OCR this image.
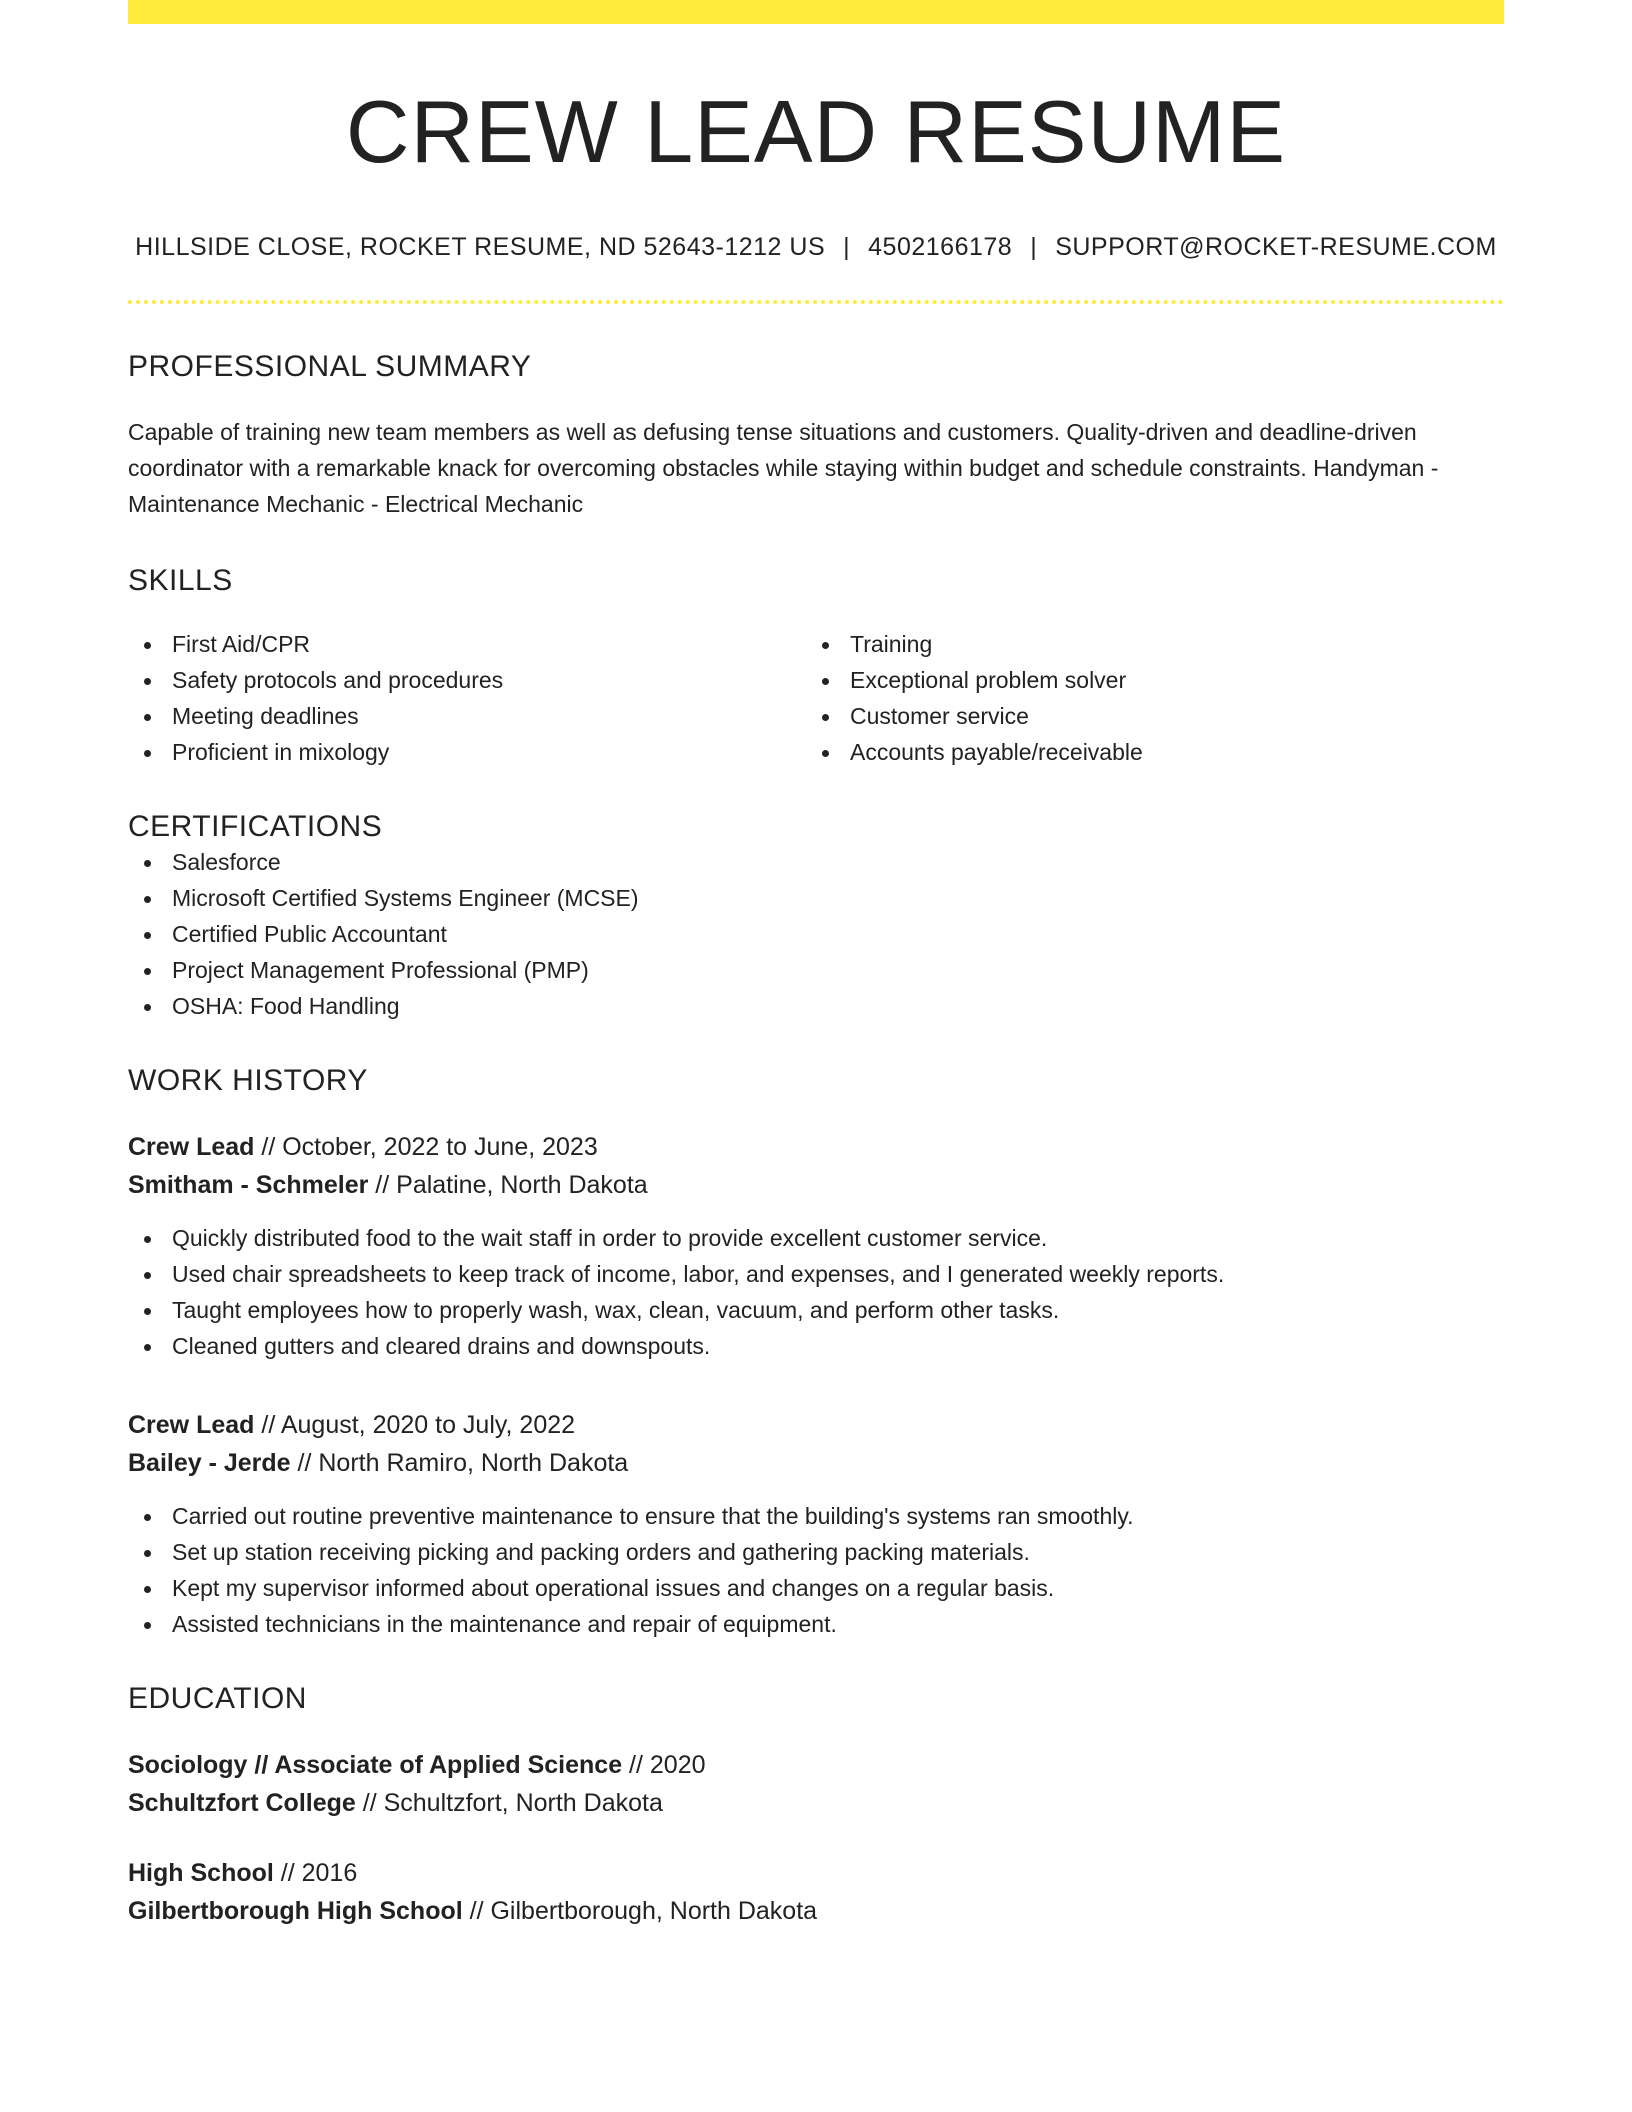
CREW LEAD RESUME
HILLSIDE CLOSE, ROCKET RESUME, ND 52643-1212 US | 4502166178 | SUPPORT@ROCKET-RESUME.COM
PROFESSIONAL SUMMARY
Capable of training new team members as well as defusing tense situations and customers. Quality-driven and deadline-driven coordinator with a remarkable knack for overcoming obstacles while staying within budget and schedule constraints. Handyman - Maintenance Mechanic - Electrical Mechanic
SKILLS
First Aid/CPR
Safety protocols and procedures
Meeting deadlines
Proficient in mixology
Training
Exceptional problem solver
Customer service
Accounts payable/receivable
CERTIFICATIONS
Salesforce
Microsoft Certified Systems Engineer (MCSE)
Certified Public Accountant
Project Management Professional (PMP)
OSHA: Food Handling
WORK HISTORY
Crew Lead // October, 2022 to June, 2023
Smitham - Schmeler // Palatine, North Dakota
Quickly distributed food to the wait staff in order to provide excellent customer service.
Used chair spreadsheets to keep track of income, labor, and expenses, and I generated weekly reports.
Taught employees how to properly wash, wax, clean, vacuum, and perform other tasks.
Cleaned gutters and cleared drains and downspouts.
Crew Lead // August, 2020 to July, 2022
Bailey - Jerde // North Ramiro, North Dakota
Carried out routine preventive maintenance to ensure that the building's systems ran smoothly.
Set up station receiving picking and packing orders and gathering packing materials.
Kept my supervisor informed about operational issues and changes on a regular basis.
Assisted technicians in the maintenance and repair of equipment.
EDUCATION
Sociology // Associate of Applied Science // 2020
Schultzfort College // Schultzfort, North Dakota
High School // 2016
Gilbertborough High School // Gilbertborough, North Dakota
